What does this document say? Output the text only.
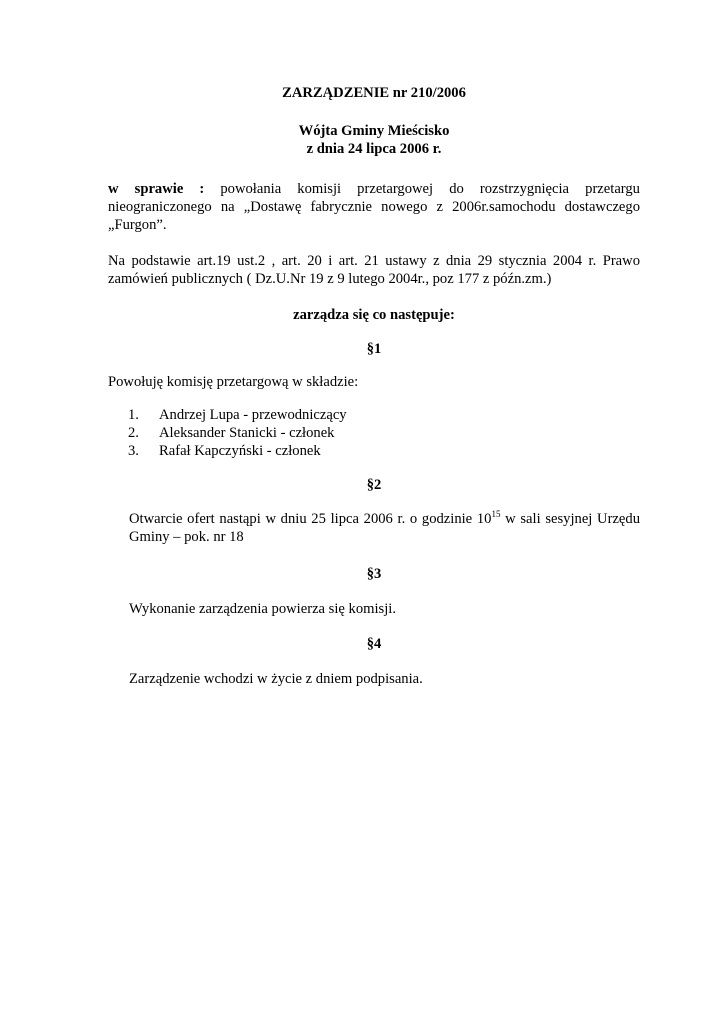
ZARZĄDZENIE nr 210/2006
Wójta Gminy Mieścisko
z dnia 24 lipca 2006 r.

w sprawie : powołania komisji przetargowej do rozstrzygnięcia przetargu nieograniczonego na „Dostawę fabrycznie nowego z 2006r.samochodu dostawczego „Furgon”.

Na podstawie art.19 ust.2 , art. 20 i art. 21 ustawy z dnia 29 stycznia 2004 r. Prawo zamówień publicznych ( Dz.U.Nr 19 z 9 lutego 2004r., poz 177 z późn.zm.)

zarządza się co następuje:
§1

Powołuję komisję przetargową w składzie:

1.	Andrzej Lupa - przewodniczący
2.	Aleksander Stanicki - członek
3.	Rafał Kapczyński - członek
§2

Otwarcie ofert nastąpi w dniu 25 lipca 2006 r. o godzinie $10^{15}$ w sali sesyjnej Urzędu Gminy – pok. nr 18

§3

Wykonanie zarządzenia powierza się komisji.

§4

Zarządzenie wchodzi w życie z dniem podpisania.
